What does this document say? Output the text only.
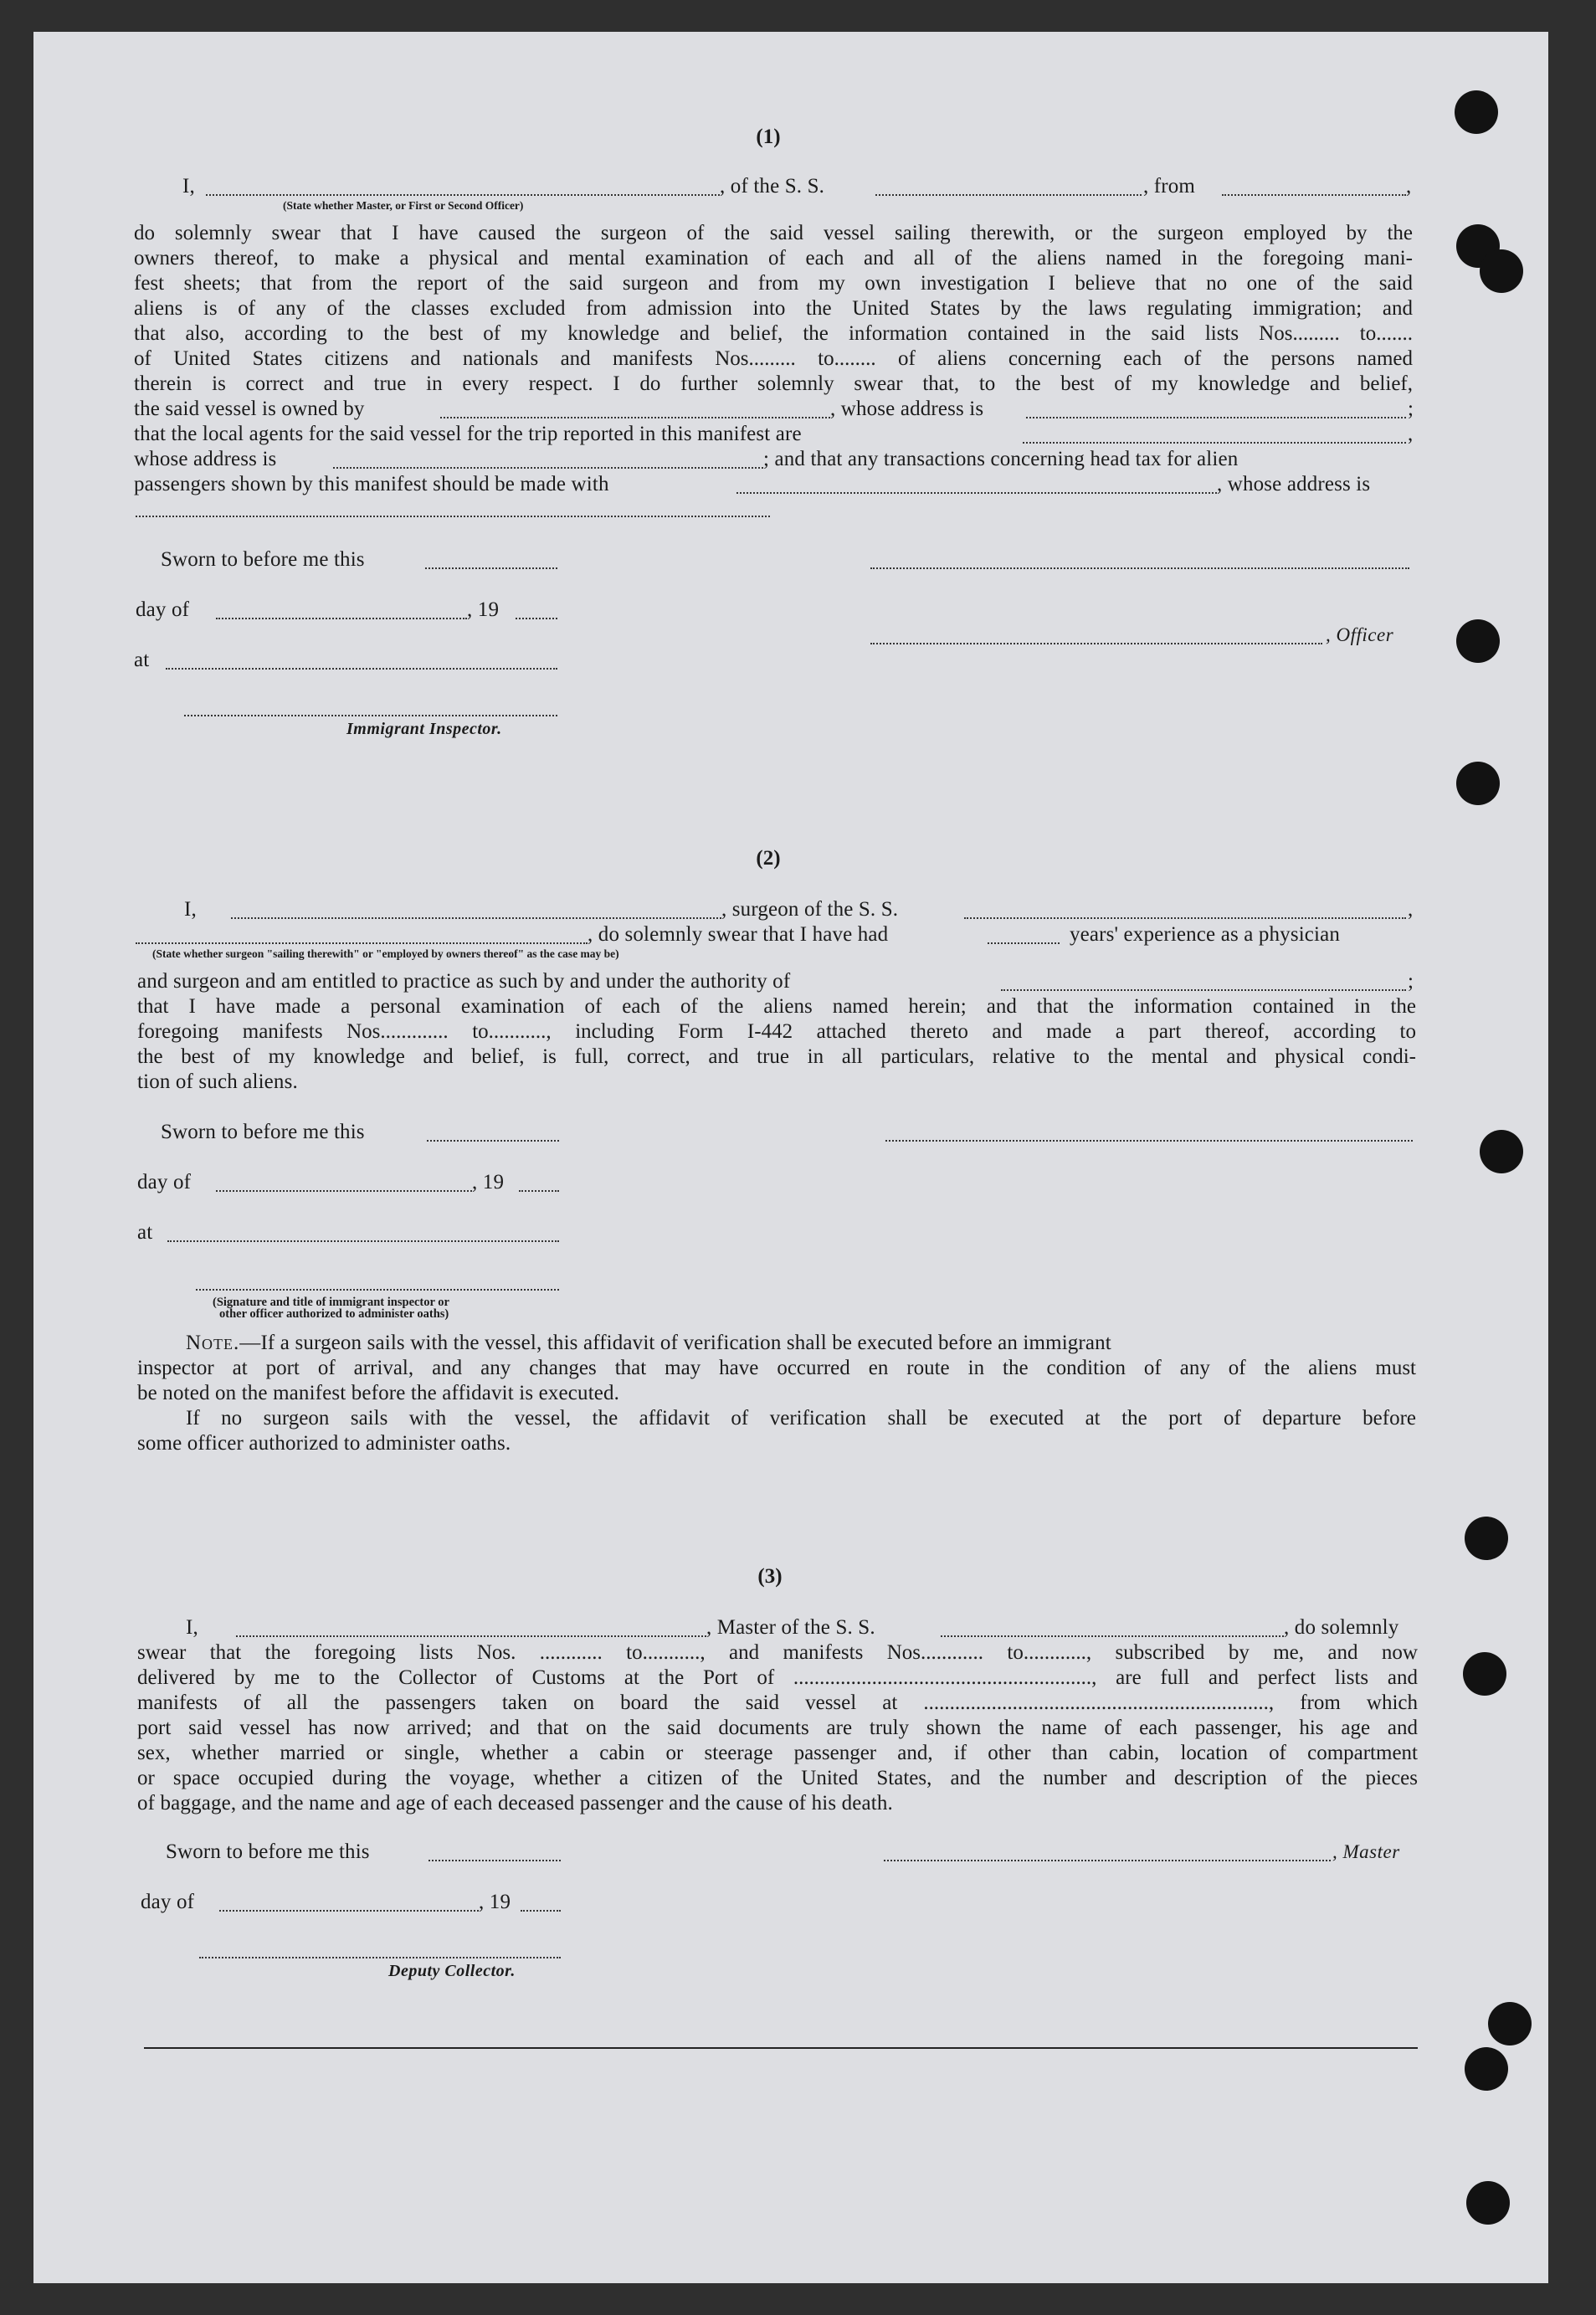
(1)
I,	, of the S. S.	, from	,
(State whether Master, or First or Second Officer)
do solemnly swear that I have caused the surgeon of the said vessel sailing therewith, or the surgeon employed by the
owners thereof, to make a physical and mental examination of each and all of the aliens named in the foregoing mani-
fest sheets; that from the report of the said surgeon and from my own investigation I believe that no one of the said
aliens is of any of the classes excluded from admission into the United States by the laws regulating immigration; and
that also, according to the best of my knowledge and belief, the information contained in the said lists Nos......... to.......
of United States citizens and nationals and manifests Nos......... to........ of aliens concerning each of the persons named
therein is correct and true in every respect. I do further solemnly swear that, to the best of my knowledge and belief,
the said vessel is owned by	, whose address is	;
that the local agents for the said vessel for the trip reported in this manifest are	,
whose address is	; and that any transactions concerning head tax for alien
passengers shown by this manifest should be made with	, whose address is
Sworn to before me this
day of	, 19
, Officer
at
Immigrant Inspector.
(2)
I,	, surgeon of the S. S.	,
, do solemnly swear that I have had	years' experience as a physician
(State whether surgeon "sailing therewith" or "employed by owners thereof" as the case may be)
and surgeon and am entitled to practice as such by and under the authority of	;
that I have made a personal examination of each of the aliens named herein; and that the information contained in the
foregoing manifests Nos............. to..........., including Form I-442 attached thereto and made a part thereof, according to
the best of my knowledge and belief, is full, correct, and true in all particulars, relative to the mental and physical condi-
tion of such aliens.
Sworn to before me this
day of	, 19
at
(Signature and title of immigrant inspector or
other officer authorized to administer oaths)
Note.—If a surgeon sails with the vessel, this affidavit of verification shall be executed before an immigrant
inspector at port of arrival, and any changes that may have occurred en route in the condition of any of the aliens must
be noted on the manifest before the affidavit is executed.
If no surgeon sails with the vessel, the affidavit of verification shall be executed at the port of departure before
some officer authorized to administer oaths.
(3)
I,	, Master of the S. S.	, do solemnly
swear that the foregoing lists Nos. ............ to..........., and manifests Nos............ to............, subscribed by me, and now
delivered by me to the Collector of Customs at the Port of ........................................................., are full and perfect lists and
manifests of all the passengers taken on board the said vessel at .................................................................., from which
port said vessel has now arrived; and that on the said documents are truly shown the name of each passenger, his age and
sex, whether married or single, whether a cabin or steerage passenger and, if other than cabin, location of compartment
or space occupied during the voyage, whether a citizen of the United States, and the number and description of the pieces
of baggage, and the name and age of each deceased passenger and the cause of his death.
Sworn to before me this	, Master
day of	, 19
Deputy Collector.
